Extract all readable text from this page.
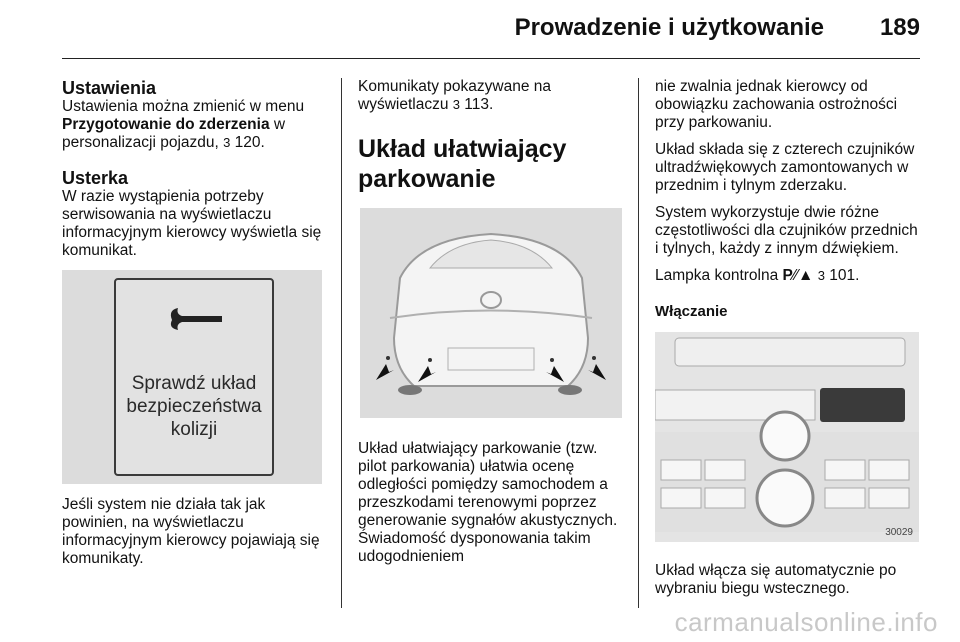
Prowadzenie i użytkowanie 189
Ustawienia

Ustawienia można zmienić w menu Przygotowanie do zderzenia w personalizacji pojazdu, 3 120.

Usterka

W razie wystąpienia potrzeby serwisowania na wyświetlaczu informacyjnym kierowcy wyświetla się komunikat.

Sprawdź układ bezpieczeństwa kolizji

Jeśli system nie działa tak jak powinien, na wyświetlaczu informacyjnym kierowcy pojawiają się komunikaty.

Komunikaty pokazywane na wyświetlaczu 3 113.

Układ ułatwiający parkowanie

Układ ułatwiający parkowanie (tzw. pilot parkowania) ułatwia ocenę odległości pomiędzy samochodem a przeszkodami terenowymi poprzez generowanie sygnałów akustycznych. Świadomość dysponowania takim udogodnieniem

nie zwalnia jednak kierowcy od obowiązku zachowania ostrożności przy parkowaniu.

Układ składa się z czterech czujników ultradźwiękowych zamontowanych w przednim i tylnym zderzaku.

System wykorzystuje dwie różne częstotliwości dla czujników przednich i tylnych, każdy z innym dźwiękiem.

Lampka kontrolna P⁄⁄▲ 3 101.

Włączanie
30029

Układ włącza się automatycznie po wybraniu biegu wstecznego.

carmanualsonline.info
